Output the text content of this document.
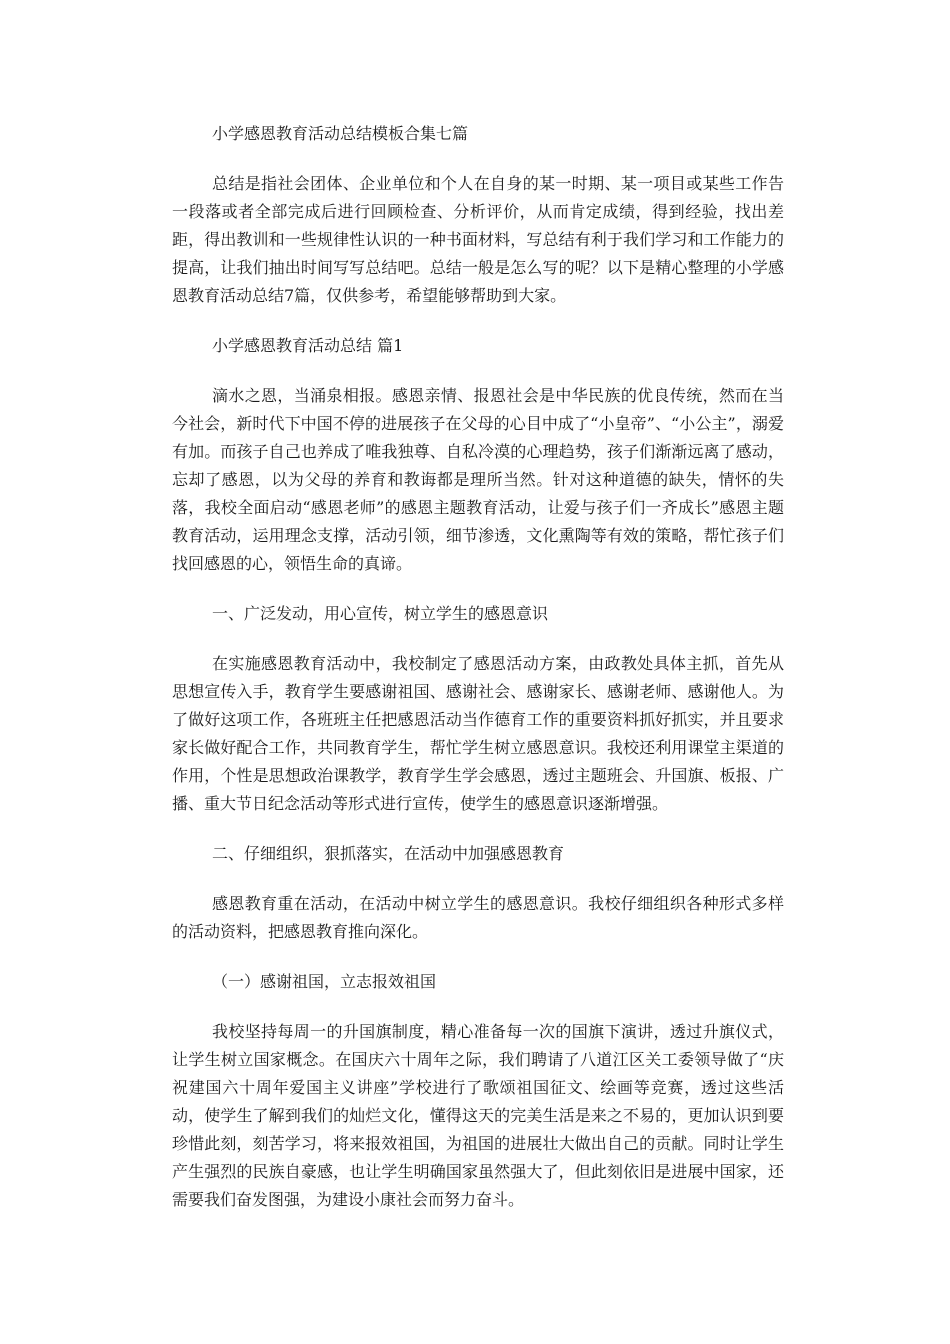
小学感恩教育活动总结模板合集七篇

总结是指社会团体、企业单位和个人在自身的某一时期、某一项目或某些工作告一段落或者全部完成后进行回顾检查、分析评价，从而肯定成绩，得到经验，找出差距，得出教训和一些规律性认识的一种书面材料，写总结有利于我们学习和工作能力的提高，让我们抽出时间写写总结吧。总结一般是怎么写的呢？以下是精心整理的小学感恩教育活动总结7篇，仅供参考，希望能够帮助到大家。

小学感恩教育活动总结 篇1

滴水之恩，当涌泉相报。感恩亲情、报恩社会是中华民族的优良传统，然而在当今社会，新时代下中国不停的进展孩子在父母的心目中成了“小皇帝”、“小公主”，溺爱有加。而孩子自己也养成了唯我独尊、自私冷漠的心理趋势，孩子们渐渐远离了感动，忘却了感恩，以为父母的养育和教诲都是理所当然。针对这种道德的缺失，情怀的失落，我校全面启动“感恩老师”的感恩主题教育活动，让爱与孩子们一齐成长”感恩主题教育活动，运用理念支撑，活动引领，细节渗透，文化熏陶等有效的策略，帮忙孩子们找回感恩的心，领悟生命的真谛。

一、广泛发动，用心宣传，树立学生的感恩意识

在实施感恩教育活动中，我校制定了感恩活动方案，由政教处具体主抓，首先从思想宣传入手，教育学生要感谢祖国、感谢社会、感谢家长、感谢老师、感谢他人。为了做好这项工作，各班班主任把感恩活动当作德育工作的重要资料抓好抓实，并且要求家长做好配合工作，共同教育学生，帮忙学生树立感恩意识。我校还利用课堂主渠道的作用，个性是思想政治课教学，教育学生学会感恩，透过主题班会、升国旗、板报、广播、重大节日纪念活动等形式进行宣传，使学生的感恩意识逐渐增强。

二、仔细组织，狠抓落实，在活动中加强感恩教育

感恩教育重在活动，在活动中树立学生的感恩意识。我校仔细组织各种形式多样的活动资料，把感恩教育推向深化。

（一）感谢祖国，立志报效祖国

我校坚持每周一的升国旗制度，精心准备每一次的国旗下演讲，透过升旗仪式，让学生树立国家概念。在国庆六十周年之际，我们聘请了八道江区关工委领导做了“庆祝建国六十周年爱国主义讲座”学校进行了歌颂祖国征文、绘画等竞赛，透过这些活动，使学生了解到我们的灿烂文化，懂得这天的完美生活是来之不易的，更加认识到要珍惜此刻，刻苦学习，将来报效祖国，为祖国的进展壮大做出自己的贡献。同时让学生产生强烈的民族自豪感，也让学生明确国家虽然强大了，但此刻依旧是进展中国家，还需要我们奋发图强，为建设小康社会而努力奋斗。
